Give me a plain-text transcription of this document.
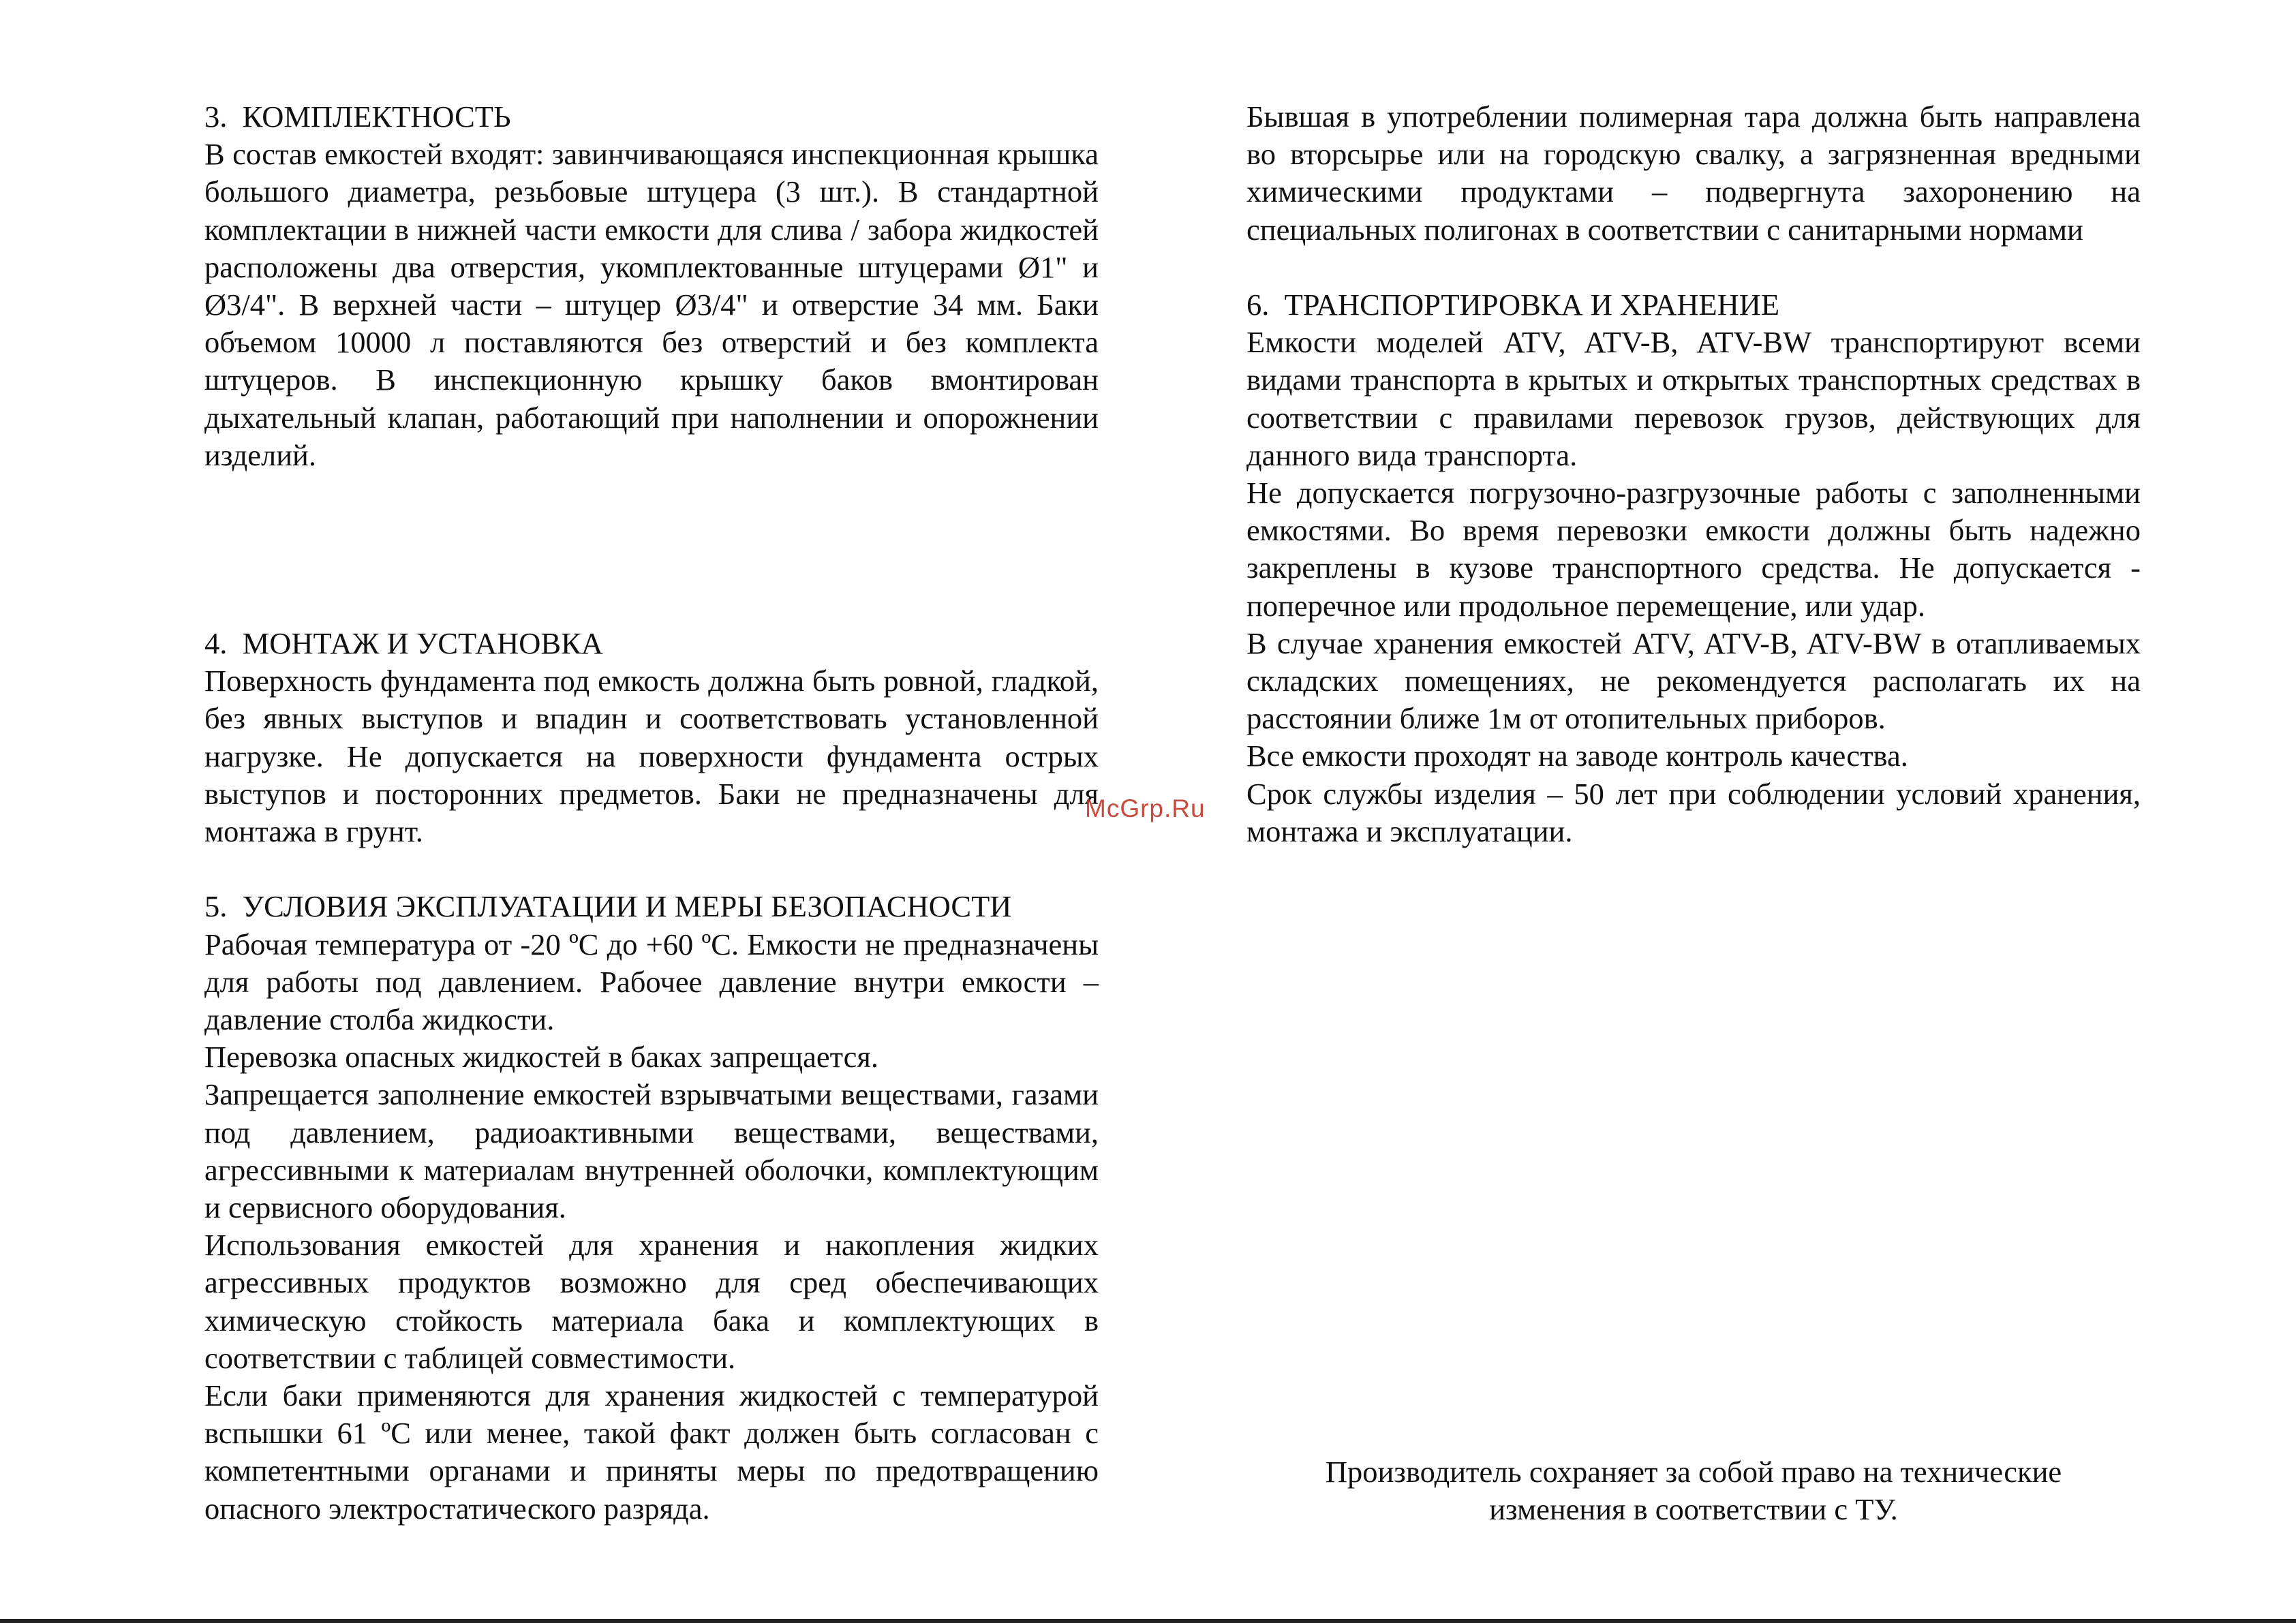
3.  КОМПЛЕКТНОСТЬ

В состав емкостей входят: завинчивающаяся инспекционная крышка большого диаметра, резьбовые штуцера (3 шт.). В стандартной комплектации в нижней части емкости для слива / забора жидкостей расположены два отверстия, укомплектованные штуцерами Ø1" и Ø3/4". В верхней части – штуцер Ø3/4" и отверстие 34 мм. Баки объемом 10000 л поставляются без отверстий и без комплекта штуцеров. В инспекционную крышку баков вмонтирован дыхательный клапан, работающий при наполнении и опорожнении изделий.

4.  МОНТАЖ И УСТАНОВКА

Поверхность фундамента под емкость должна быть ровной, гладкой, без явных выступов и впадин и соответствовать установленной нагрузке. Не допускается на поверхности фундамента острых выступов и посторонних предметов. Баки не предназначены для монтажа в грунт.

5.  УСЛОВИЯ ЭКСПЛУАТАЦИИ И МЕРЫ БЕЗОПАСНОСТИ

Рабочая температура от -20 ºС до +60 ºС. Емкости не предназначены для работы под давлением. Рабочее давление внутри емкости – давление столба жидкости.

Перевозка опасных жидкостей в баках запрещается.

Запрещается заполнение емкостей взрывчатыми веществами, газами под давлением, радиоактивными веществами, веществами, агрессивными к материалам внутренней оболочки, комплектующим и сервисного оборудования.

Использования емкостей для хранения и накопления жидких агрессивных продуктов возможно для сред обеспечивающих химическую стойкость материала бака и комплектующих в соответствии с таблицей совместимости.

Если баки применяются для хранения жидкостей с температурой вспышки 61 ºС или менее, такой факт должен быть согласован с компетентными органами и приняты меры по предотвращению опасного электростатического разряда.

McGrp.Ru

Бывшая в употреблении полимерная тара должна быть направлена во вторсырье или на городскую свалку, а загрязненная вредными химическими продуктами – подвергнута захоронению на специальных полигонах в соответствии с санитарными нормами

6.  ТРАНСПОРТИРОВКА И ХРАНЕНИЕ

Емкости моделей ATV, ATV-B, ATV-BW транспортируют всеми видами транспорта в крытых и открытых транспортных средствах в соответствии с правилами перевозок грузов, действующих для данного вида транспорта.

Не допускается погрузочно-разгрузочные работы с заполненными емкостями. Во время перевозки емкости должны быть надежно закреплены в кузове транспортного средства. Не допускается - поперечное или продольное перемещение, или удар.

В случае хранения емкостей ATV, ATV-B, ATV-BW в отапливаемых складских помещениях, не рекомендуется располагать их на расстоянии ближе 1м от отопительных приборов.

Все емкости проходят на заводе контроль качества.

Срок службы изделия – 50 лет при соблюдении условий хранения, монтажа и эксплуатации.

Производитель сохраняет за собой право на технические

изменения в соответствии с ТУ.
